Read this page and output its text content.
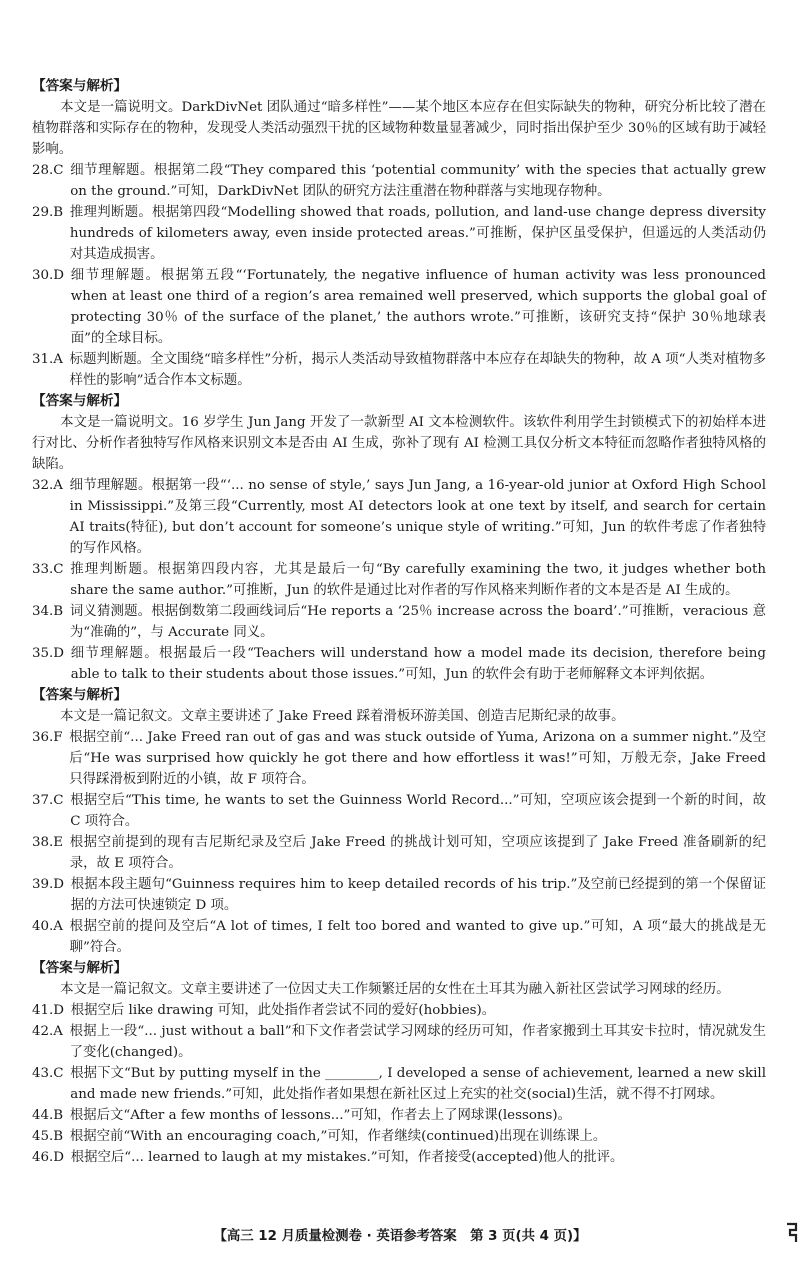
【答案与解析】
本文是一篇说明文。DarkDivNet 团队通过“暗多样性”——某个地区本应存在但实际缺失的物种，研究分析比较了潜在植物群落和实际存在的物种，发现受人类活动强烈干扰的区域物种数量显著减少，同时指出保护至少 30％的区域有助于减轻影响。
28.C 细节理解题。根据第二段“They compared this ‘potential community’ with the species that actually grew on the ground.”可知，DarkDivNet 团队的研究方法注重潜在物种群落与实地现存物种。
29.B 推理判断题。根据第四段“Modelling showed that roads, pollution, and land-use change depress diversity hundreds of kilometers away, even inside protected areas.”可推断，保护区虽受保护，但遥远的人类活动仍对其造成损害。
30.D 细节理解题。根据第五段“‘Fortunately, the negative influence of human activity was less pronounced when at least one third of a region’s area remained well preserved, which supports the global goal of protecting 30％ of the surface of the planet,’ the authors wrote.”可推断，该研究支持“保护 30％地球表面”的全球目标。
31.A 标题判断题。全文围绕“暗多样性”分析，揭示人类活动导致植物群落中本应存在却缺失的物种，故 A 项“人类对植物多样性的影响”适合作本文标题。
【答案与解析】
本文是一篇说明文。16 岁学生 Jun Jang 开发了一款新型 AI 文本检测软件。该软件利用学生封锁模式下的初始样本进行对比、分析作者独特写作风格来识别文本是否由 AI 生成，弥补了现有 AI 检测工具仅分析文本特征而忽略作者独特风格的缺陷。
32.A 细节理解题。根据第一段“‘... no sense of style,’ says Jun Jang, a 16-year-old junior at Oxford High School in Mississippi.”及第三段“Currently, most AI detectors look at one text by itself, and search for certain AI traits(特征), but don’t account for someone’s unique style of writing.”可知，Jun 的软件考虑了作者独特的写作风格。
33.C 推理判断题。根据第四段内容，尤其是最后一句“By carefully examining the two, it judges whether both share the same author.”可推断，Jun 的软件是通过比对作者的写作风格来判断作者的文本是否是 AI 生成的。
34.B 词义猜测题。根据倒数第二段画线词后“He reports a ‘25％ increase across the board’.”可推断，veracious 意为“准确的”，与 Accurate 同义。
35.D 细节理解题。根据最后一段“Teachers will understand how a model made its decision, therefore being able to talk to their students about those issues.”可知，Jun 的软件会有助于老师解释文本评判依据。
【答案与解析】
本文是一篇记叙文。文章主要讲述了 Jake Freed 踩着滑板环游美国、创造吉尼斯纪录的故事。
36.F 根据空前“... Jake Freed ran out of gas and was stuck outside of Yuma, Arizona on a summer night.”及空后“He was surprised how quickly he got there and how effortless it was!”可知，万般无奈，Jake Freed 只得踩滑板到附近的小镇，故 F 项符合。
37.C 根据空后“This time, he wants to set the Guinness World Record...”可知，空项应该会提到一个新的时间，故 C 项符合。
38.E 根据空前提到的现有吉尼斯纪录及空后 Jake Freed 的挑战计划可知，空项应该提到了 Jake Freed 准备刷新的纪录，故 E 项符合。
39.D 根据本段主题句“Guinness requires him to keep detailed records of his trip.”及空前已经提到的第一个保留证据的方法可快速锁定 D 项。
40.A 根据空前的提问及空后“A lot of times, I felt too bored and wanted to give up.”可知，A 项“最大的挑战是无聊”符合。
【答案与解析】
本文是一篇记叙文。文章主要讲述了一位因丈夫工作频繁迁居的女性在土耳其为融入新社区尝试学习网球的经历。
41.D 根据空后 like drawing 可知，此处指作者尝试不同的爱好(hobbies)。
42.A 根据上一段“... just without a ball”和下文作者尝试学习网球的经历可知，作者家搬到土耳其安卡拉时，情况就发生了变化(changed)。
43.C 根据下文“But by putting myself in the ________, I developed a sense of achievement, learned a new skill and made new friends.”可知，此处指作者如果想在新社区过上充实的社交(social)生活，就不得不打网球。
44.B 根据后文“After a few months of lessons...”可知，作者去上了网球课(lessons)。
45.B 根据空前“With an encouraging coach,”可知，作者继续(continued)出现在训练课上。
46.D 根据空后“... learned to laugh at my mistakes.”可知，作者接受(accepted)他人的批评。
【高三 12 月质量检测卷 · 英语参考答案　第 3 页(共 4 页)】
